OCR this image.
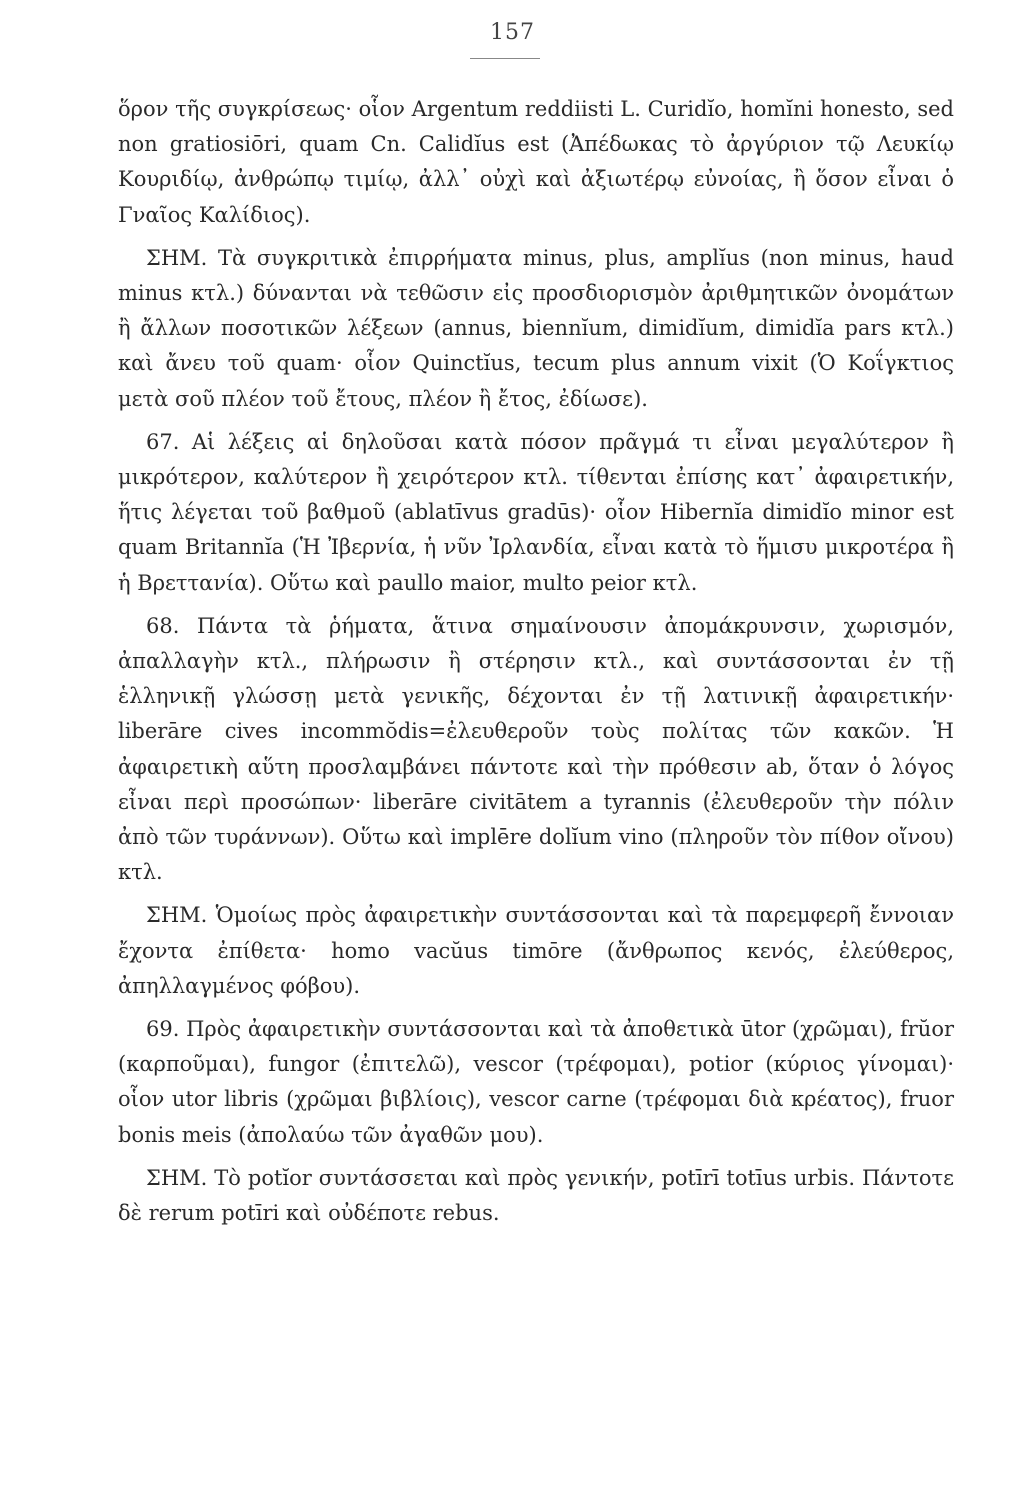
157

ὅρον τῆς συγκρίσεως· οἷον Argentum reddiisti L. Curidĭo, homĭni honesto, sed non gratiosiōri, quam Cn. Calidĭus est (Ἀπέδωκας τὸ ἀργύριον τῷ Λευκίῳ Κουριδίῳ, ἀνθρώπῳ τιμίῳ, ἀλλ᾽ οὐχὶ καὶ ἀξιωτέρῳ εὐνοίας, ἢ ὅσον εἶναι ὁ Γναῖος Καλίδιος).

ΣΗΜ. Τὰ συγκριτικὰ ἐπιρρήματα minus, plus, amplĭus (non minus, haud minus κτλ.) δύνανται νὰ τεθῶσιν εἰς προσδιορισμὸν ἀριθμητικῶν ὀνομάτων ἢ ἄλλων ποσοτικῶν λέξεων (annus, biennĭum, dimidĭum, dimidĭa pars κτλ.) καὶ ἄνευ τοῦ quam· οἷον Quinctĭus, tecum plus annum vixit (Ὁ Κοΐγκτιος μετὰ σοῦ πλέον τοῦ ἔτους, πλέον ἢ ἔτος, ἐδίωσε).

67. Αἱ λέξεις αἱ δηλοῦσαι κατὰ πόσον πρᾶγμά τι εἶναι μεγαλύτερον ἢ μικρότερον, καλύτερον ἢ χειρότερον κτλ. τίθενται ἐπίσης κατ᾽ ἀφαιρετικήν, ἥτις λέγεται τοῦ βαθμοῦ (ablatīvus gradūs)· οἷον Hibernĭa dimidĭo minor est quam Britannĭa (Ἡ Ἰβερνία, ἡ νῦν Ἰρλανδία, εἶναι κατὰ τὸ ἥμισυ μικροτέρα ἢ ἡ Βρεττανία). Οὕτω καὶ paullo maior, multo peior κτλ.

68. Πάντα τὰ ῥήματα, ἅτινα σημαίνουσιν ἀπομάκρυνσιν, χωρισμόν, ἀπαλλαγὴν κτλ., πλήρωσιν ἢ στέρησιν κτλ., καὶ συντάσσονται ἐν τῇ ἑλληνικῇ γλώσσῃ μετὰ γενικῆς, δέχονται ἐν τῇ λατινικῇ ἀφαιρετικήν· liberāre cives incommŏdis=ἐλευθεροῦν τοὺς πολίτας τῶν κακῶν. Ἡ ἀφαιρετικὴ αὕτη προσλαμβάνει πάντοτε καὶ τὴν πρόθεσιν ab, ὅταν ὁ λόγος εἶναι περὶ προσώπων· liberāre civitātem a tyrannis (ἐλευθεροῦν τὴν πόλιν ἀπὸ τῶν τυράννων). Οὕτω καὶ implēre dolĭum vino (πληροῦν τὸν πίθον οἴνου) κτλ.

ΣΗΜ. Ὁμοίως πρὸς ἀφαιρετικὴν συντάσσονται καὶ τὰ παρεμφερῆ ἔννοιαν ἔχοντα ἐπίθετα· homo vacŭus timōre (ἄνθρωπος κενός, ἐλεύθερος, ἀπηλλαγμένος φόβου).

69. Πρὸς ἀφαιρετικὴν συντάσσονται καὶ τὰ ἀποθετικὰ ūtor (χρῶμαι), frŭor (καρποῦμαι), fungor (ἐπιτελῶ), vescor (τρέφομαι), potior (κύριος γίνομαι)· οἷον utor libris (χρῶμαι βιβλίοις), vescor carne (τρέφομαι διὰ κρέατος), fruor bonis meis (ἀπολαύω τῶν ἀγαθῶν μου).

ΣΗΜ. Τὸ potĭor συντάσσεται καὶ πρὸς γενικήν, potīrī totīus urbis. Πάντοτε δὲ rerum potīri καὶ οὐδέποτε rebus.
